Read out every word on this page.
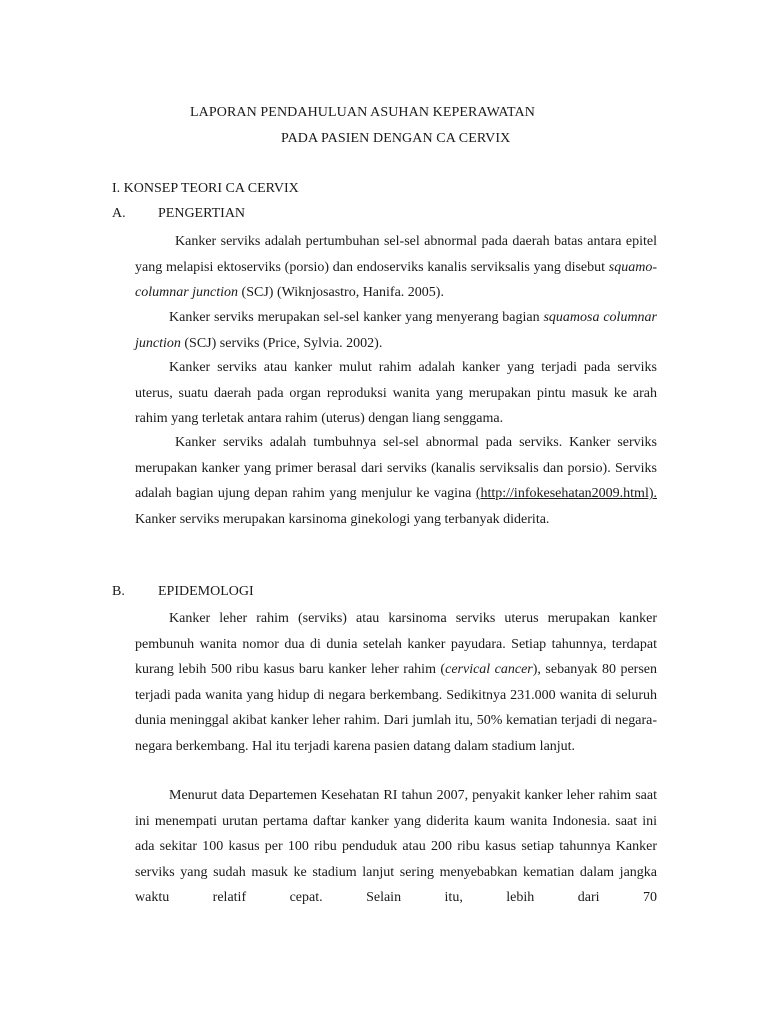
LAPORAN PENDAHULUAN ASUHAN KEPERAWATAN
PADA PASIEN DENGAN CA CERVIX
I. KONSEP TEORI CA CERVIX
A. PENGERTIAN
Kanker serviks adalah pertumbuhan sel-sel abnormal pada daerah batas antara epitel yang melapisi ektoserviks (porsio) dan endoserviks kanalis serviksalis yang disebut squamo-columnar junction (SCJ) (Wiknjosastro, Hanifa. 2005).
Kanker serviks merupakan sel-sel kanker yang menyerang bagian squamosa columnar junction (SCJ) serviks (Price, Sylvia. 2002).
Kanker serviks atau kanker mulut rahim adalah kanker yang terjadi pada serviks uterus, suatu daerah pada organ reproduksi wanita yang merupakan pintu masuk ke arah rahim yang terletak antara rahim (uterus) dengan liang senggama.
Kanker serviks adalah tumbuhnya sel-sel abnormal pada serviks. Kanker serviks merupakan kanker yang primer berasal dari serviks (kanalis serviksalis dan porsio). Serviks adalah bagian ujung depan rahim yang menjulur ke vagina (http://infokesehatan2009.html). Kanker serviks merupakan karsinoma ginekologi yang terbanyak diderita.
B. EPIDEMOLOGI
Kanker leher rahim (serviks) atau karsinoma serviks uterus merupakan kanker pembunuh wanita nomor dua di dunia setelah kanker payudara. Setiap tahunnya, terdapat kurang lebih 500 ribu kasus baru kanker leher rahim (cervical cancer), sebanyak 80 persen terjadi pada wanita yang hidup di negara berkembang. Sedikitnya 231.000 wanita di seluruh dunia meninggal akibat kanker leher rahim. Dari jumlah itu, 50% kematian terjadi di negara-negara berkembang. Hal itu terjadi karena pasien datang dalam stadium lanjut.
Menurut data Departemen Kesehatan RI tahun 2007, penyakit kanker leher rahim saat ini menempati urutan pertama daftar kanker yang diderita kaum wanita Indonesia. saat ini ada sekitar 100 kasus per 100 ribu penduduk atau 200 ribu kasus setiap tahunnya Kanker serviks yang sudah masuk ke stadium lanjut sering menyebabkan kematian dalam jangka waktu relatif cepat. Selain itu, lebih dari 70
